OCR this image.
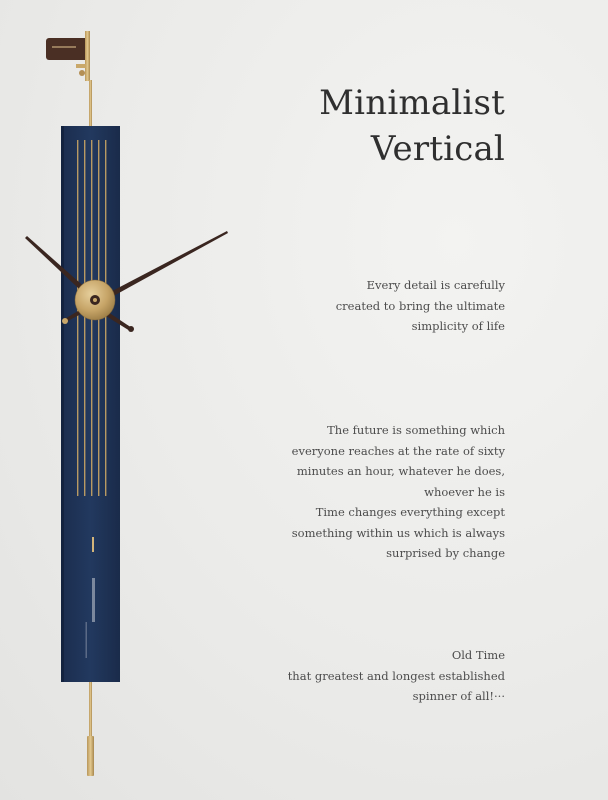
Minimalist
Vertical
Every detail is carefully
created to bring the ultimate
simplicity of life
The future is something which
everyone reaches at the rate of sixty
minutes an hour, whatever he does,
whoever he is
Time changes everything except
something within us which is always
surprised by change
Old Time
that greatest and longest established
spinner of all!···
